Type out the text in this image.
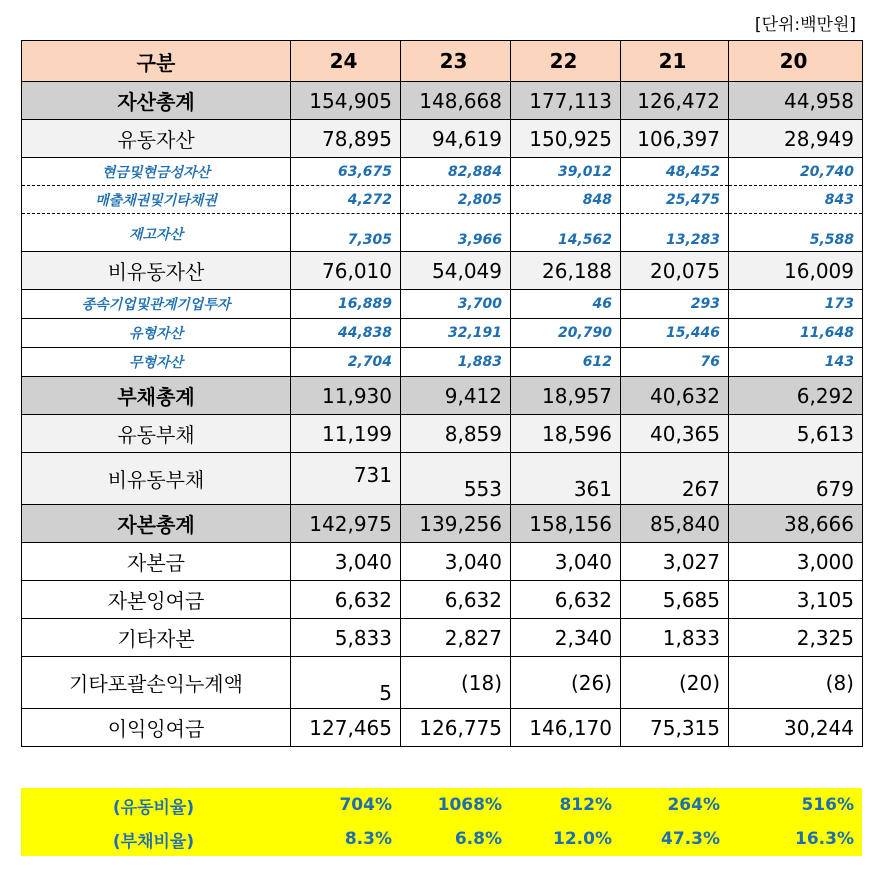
[단위:백만원]
구분	24	23	22	21	20
자산총계	154,905	148,668	177,113	126,472	44,958
유동자산	78,895	94,619	150,925	106,397	28,949
현금및현금성자산	63,675	82,884	39,012	48,452	20,740
매출채권및기타채권	4,272	2,805	848	25,475	843
재고자산	7,305	3,966	14,562	13,283	5,588
비유동자산	76,010	54,049	26,188	20,075	16,009
종속기업및관계기업투자	16,889	3,700	46	293	173
유형자산	44,838	32,191	20,790	15,446	11,648
무형자산	2,704	1,883	612	76	143
부채총계	11,930	9,412	18,957	40,632	6,292
유동부채	11,199	8,859	18,596	40,365	5,613
비유동부채	731	553	361	267	679
자본총계	142,975	139,256	158,156	85,840	38,666
자본금	3,040	3,040	3,040	3,027	3,000
자본잉여금	6,632	6,632	6,632	5,685	3,105
기타자본	5,833	2,827	2,340	1,833	2,325
기타포괄손익누계액	5	(18)	(26)	(20)	(8)
이익잉여금	127,465	126,775	146,170	75,315	30,244
(유동비율)	704%	1068%	812%	264%	516%
(부채비율)	8.3%	6.8%	12.0%	47.3%	16.3%
